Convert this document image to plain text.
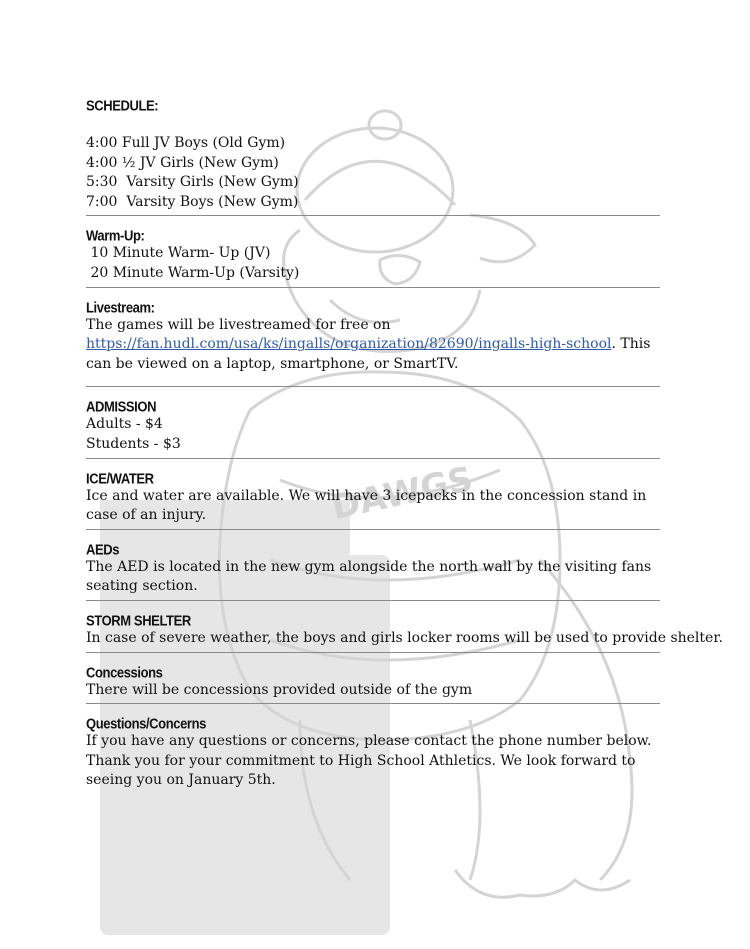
DAWGS

SCHEDULE:

4:00 Full JV Boys (Old Gym)

4:00 ½ JV Girls (New Gym)

5:30  Varsity Girls (New Gym)

7:00  Varsity Boys (New Gym)

Warm-Up:

10 Minute Warm- Up (JV)

20 Minute Warm-Up (Varsity)

Livestream:

The games will be livestreamed for free on https://fan.hudl.com/usa/ks/ingalls/organization/82690/ingalls-high-school. This can be viewed on a laptop, smartphone, or SmartTV.

ADMISSION

Adults - $4

Students - $3

ICE/WATER

Ice and water are available. We will have 3 icepacks in the concession stand in case of an injury.

AEDs

The AED is located in the new gym alongside the north wall by the visiting fans seating section.

STORM SHELTER

In case of severe weather, the boys and girls locker rooms will be used to provide shelter.

Concessions

There will be concessions provided outside of the gym

Questions/Concerns

If you have any questions or concerns, please contact the phone number below. Thank you for your commitment to High School Athletics. We look forward to seeing you on January 5th.
